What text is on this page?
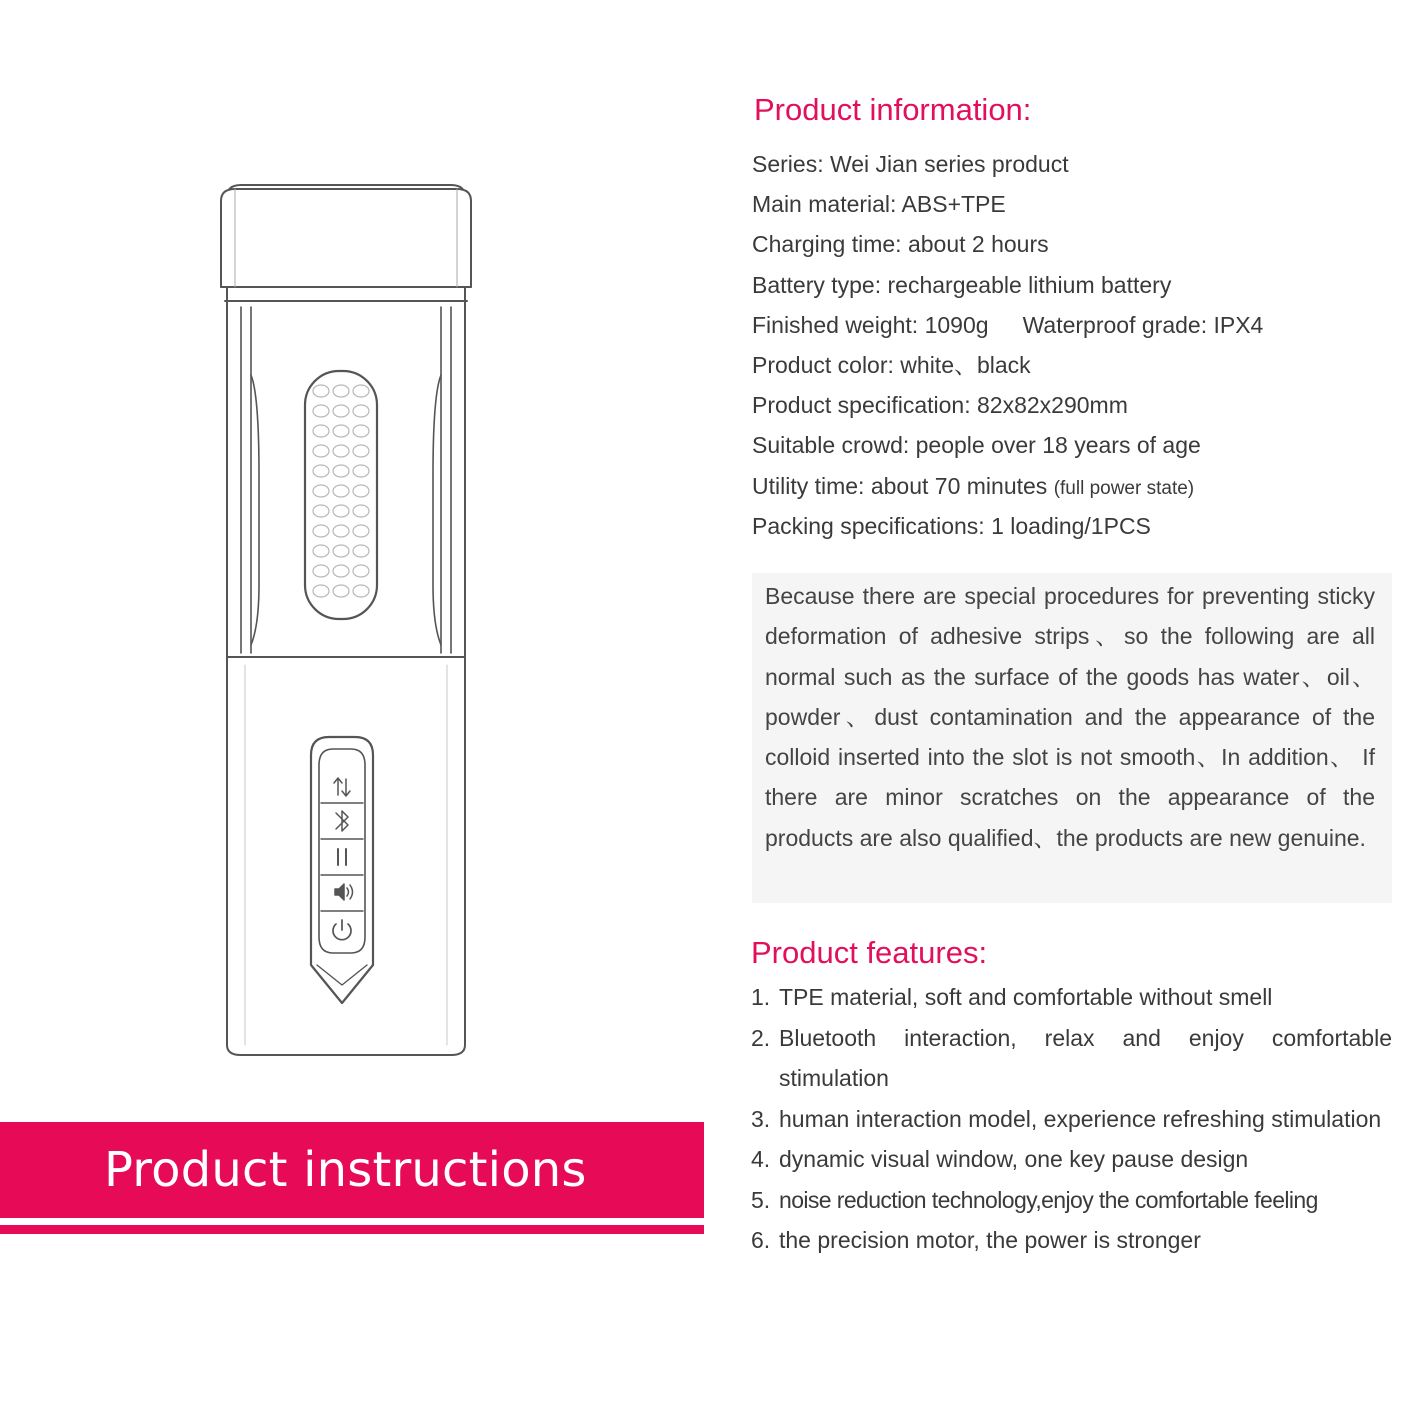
Product instructions
Product information:
Series: Wei Jian series product
Main material: ABS+TPE
Charging time: about 2 hours
Battery type: rechargeable lithium battery
Finished weight: 1090g Waterproof grade: IPX4
Product color: white、black
Product specification: 82x82x290mm
Suitable crowd: people over 18 years of age
Utility time: about 70 minutes (full power state)
Packing specifications: 1 loading/1PCS

Because there are special procedures for preventing sticky deformation of adhesive strips、so the following are all normal such as the surface of the goods has water、oil、powder、dust contamination and the appearance of the colloid inserted into the slot is not smooth、In addition、 If there are minor scratches on the appearance of the products are also qualified、the products are new genuine.

Product features:
1. TPE material, soft and comfortable without smell
2. Bluetooth interaction, relax and enjoy comfortable stimulation
3. human interaction model, experience refreshing stimulation
4. dynamic visual window, one key pause design
5. noise reduction technology,enjoy the comfortable feeling
6. the precision motor, the power is stronger
